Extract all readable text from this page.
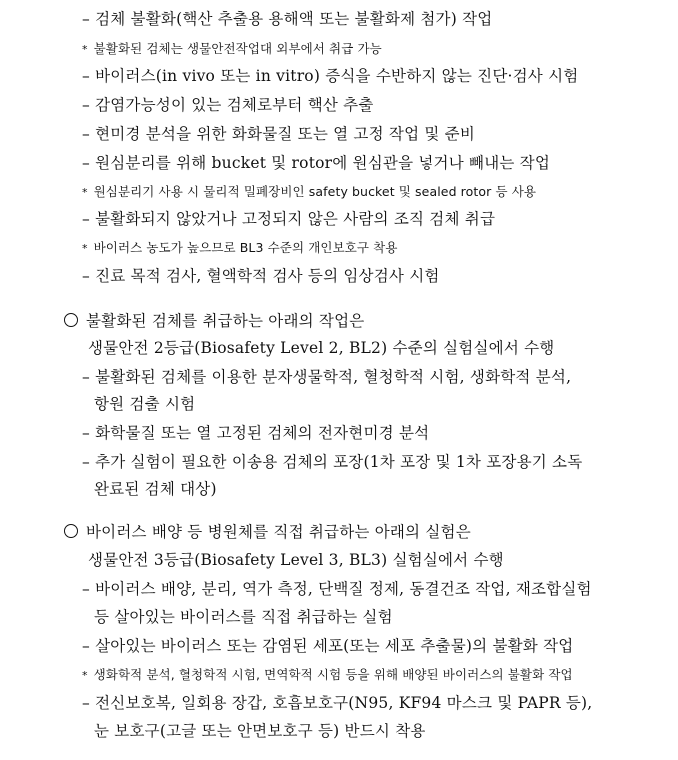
– 검체 불활화(핵산 추출용 용해액 또는 불활화제 첨가) 작업
* 불활화된 검체는 생물안전작업대 외부에서 취급 가능
– 바이러스(in vivo 또는 in vitro) 증식을 수반하지 않는 진단·검사 시험
– 감염가능성이 있는 검체로부터 핵산 추출
– 현미경 분석을 위한 화화물질 또는 열 고정 작업 및 준비
– 원심분리를 위해 bucket 및 rotor에 원심관을 넣거나 빼내는 작업
* 원심분리기 사용 시 물리적 밀폐장비인 safety bucket 및 sealed rotor 등 사용
– 불활화되지 않았거나 고정되지 않은 사람의 조직 검체 취급
* 바이러스 농도가 높으므로 BL3 수준의 개인보호구 착용
– 진료 목적 검사, 혈액학적 검사 등의 임상검사 시험
불활화된 검체를 취급하는 아래의 작업은
생물안전 2등급(Biosafety Level 2, BL2) 수준의 실험실에서 수행
– 불활화된 검체를 이용한 분자생물학적, 혈청학적 시험, 생화학적 분석,
항원 검출 시험
– 화학물질 또는 열 고정된 검체의 전자현미경 분석
– 추가 실험이 필요한 이송용 검체의 포장(1차 포장 및 1차 포장용기 소독
완료된 검체 대상)
바이러스 배양 등 병원체를 직접 취급하는 아래의 실험은
생물안전 3등급(Biosafety Level 3, BL3) 실험실에서 수행
– 바이러스 배양, 분리, 역가 측정, 단백질 정제, 동결건조 작업, 재조합실험
등 살아있는 바이러스를 직접 취급하는 실험
– 살아있는 바이러스 또는 감염된 세포(또는 세포 추출물)의 불활화 작업
* 생화학적 분석, 혈청학적 시험, 면역학적 시험 등을 위해 배양된 바이러스의 불활화 작업
– 전신보호복, 일회용 장갑, 호흡보호구(N95, KF94 마스크 및 PAPR 등),
눈 보호구(고글 또는 안면보호구 등) 반드시 착용
